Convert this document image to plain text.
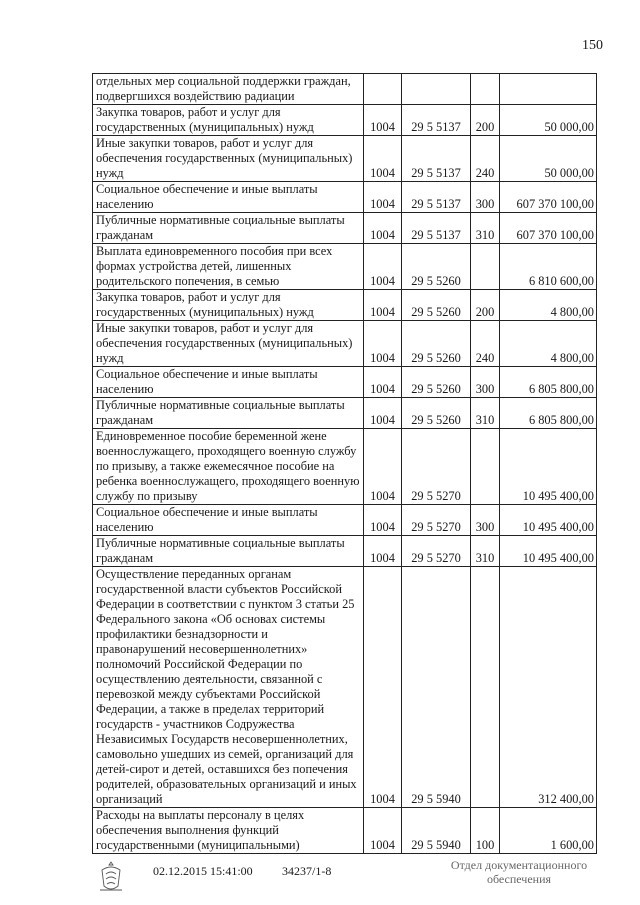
150
отдельных мер социальной поддержки граждан, подвергшихся воздействию радиации				
Закупка товаров, работ и услуг для государственных (муниципальных) нужд	1004	29 5 5137	200	50 000,00
Иные закупки товаров, работ и услуг для обеспечения государственных (муниципальных) нужд	1004	29 5 5137	240	50 000,00
Социальное обеспечение и иные выплаты населению	1004	29 5 5137	300	607 370 100,00
Публичные нормативные социальные выплаты гражданам	1004	29 5 5137	310	607 370 100,00
Выплата единовременного пособия при всех формах устройства детей, лишенных родительского попечения, в семью	1004	29 5 5260		6 810 600,00
Закупка товаров, работ и услуг для государственных (муниципальных) нужд	1004	29 5 5260	200	4 800,00
Иные закупки товаров, работ и услуг для обеспечения государственных (муниципальных) нужд	1004	29 5 5260	240	4 800,00
Социальное обеспечение и иные выплаты населению	1004	29 5 5260	300	6 805 800,00
Публичные нормативные социальные выплаты гражданам	1004	29 5 5260	310	6 805 800,00
Единовременное пособие беременной жене военнослужащего, проходящего военную службу по призыву, а также ежемесячное пособие на ребенка военнослужащего, проходящего военную службу по призыву	1004	29 5 5270		10 495 400,00
Социальное обеспечение и иные выплаты населению	1004	29 5 5270	300	10 495 400,00
Публичные нормативные социальные выплаты гражданам	1004	29 5 5270	310	10 495 400,00
Осуществление переданных органам государственной власти субъектов Российской Федерации в соответствии с пунктом 3 статьи 25 Федерального закона «Об основах системы профилактики безнадзорности и правонарушений несовершеннолетних» полномочий Российской Федерации по осуществлению деятельности, связанной с перевозкой между субъектами Российской Федерации, а также в пределах территорий государств - участников Содружества Независимых Государств несовершеннолетних, самовольно ушедших из семей, организаций для детей-сирот и детей, оставшихся без попечения родителей, образовательных организаций и иных организаций	1004	29 5 5940		312 400,00
Расходы на выплаты персоналу в целях обеспечения выполнения функций государственными (муниципальными)	1004	29 5 5940	100	1 600,00
02.12.2015 15:41:00 34237/1-8	Отдел документационного обеспечения
